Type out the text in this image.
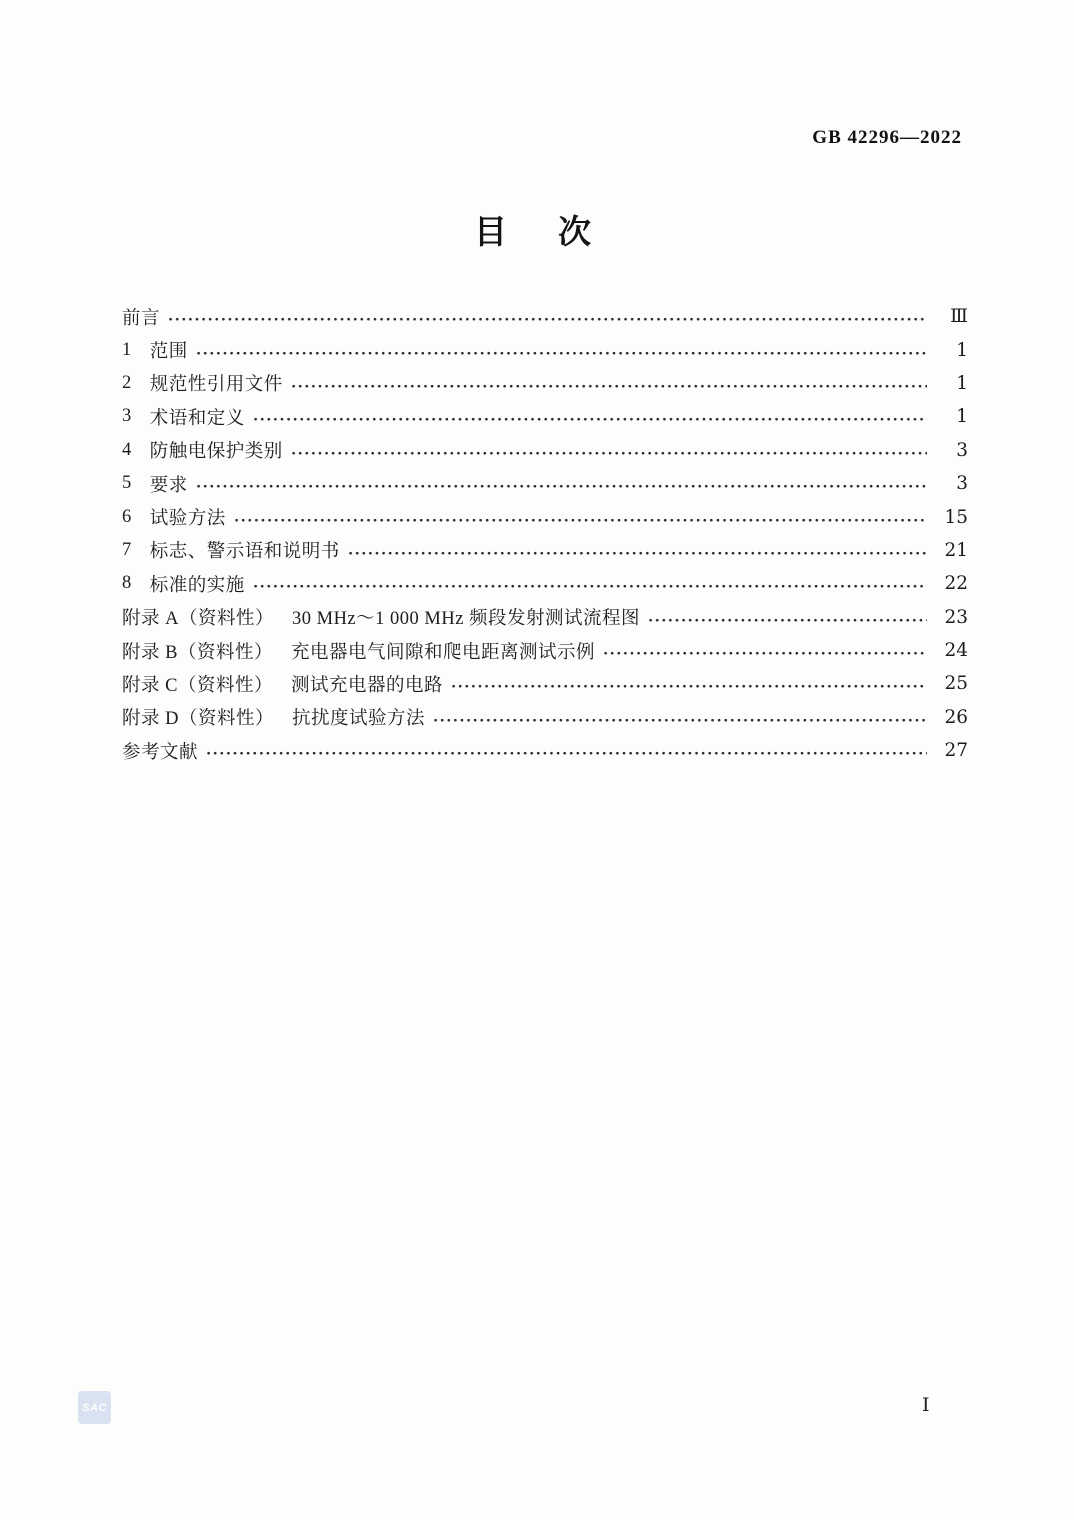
GB 42296—2022
目　次
前言	Ⅲ
1 范围	1
2 规范性引用文件	1
3 术语和定义	1
4 防触电保护类别	3
5 要求	3
6 试验方法	15
7 标志、警示语和说明书	21
8 标准的实施	22
附录 A（资料性） 30 MHz～1 000 MHz 频段发射测试流程图	23
附录 B（资料性） 充电器电气间隙和爬电距离测试示例	24
附录 C（资料性） 测试充电器的电路	25
附录 D（资料性） 抗扰度试验方法	26
参考文献	27
SAC	Ⅰ
